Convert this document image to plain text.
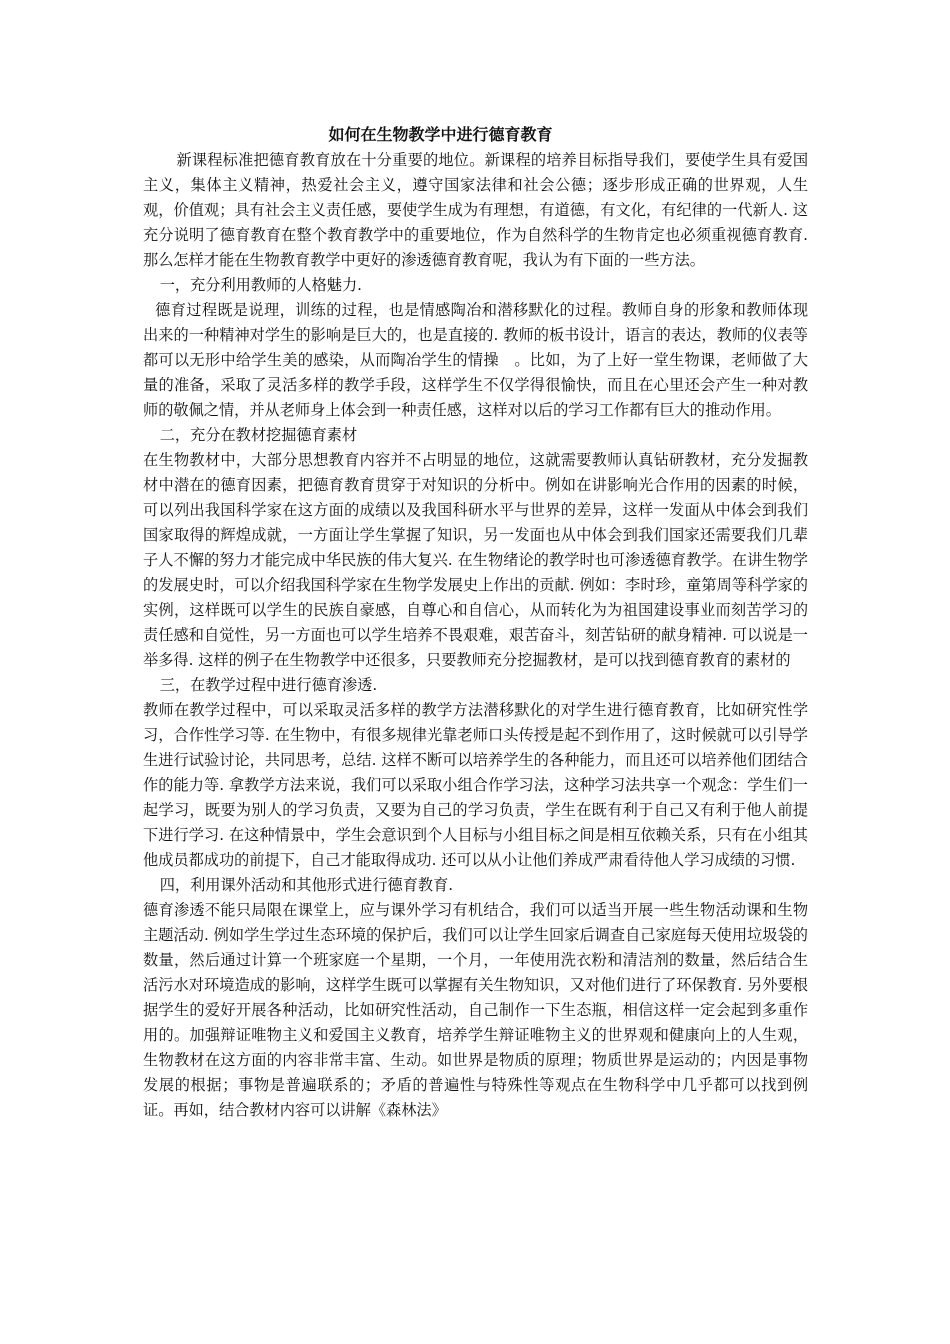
如何在生物教学中进行德育教育

新课程标准把德育教育放在十分重要的地位。新课程的培养目标指导我们，要使学生具有爱国主义，集体主义精神，热爱社会主义，遵守国家法律和社会公德；逐步形成正确的世界观，人生观，价值观；具有社会主义责任感，要使学生成为有理想，有道德，有文化，有纪律的一代新人. 这充分说明了德育教育在整个教育教学中的重要地位，作为自然科学的生物肯定也必须重视德育教育. 那么怎样才能在生物教育教学中更好的渗透德育教育呢，我认为有下面的一些方法。

一，充分利用教师的人格魅力.

德育过程既是说理，训练的过程，也是情感陶冶和潜移默化的过程。教师自身的形象和教师体现出来的一种精神对学生的影响是巨大的，也是直接的. 教师的板书设计，语言的表达，教师的仪表等都可以无形中给学生美的感染，从而陶冶学生的情操　。比如，为了上好一堂生物课，老师做了大量的准备，采取了灵活多样的教学手段，这样学生不仅学得很愉快，而且在心里还会产生一种对教师的敬佩之情，并从老师身上体会到一种责任感，这样对以后的学习工作都有巨大的推动作用。

二，充分在教材挖掘德育素材

在生物教材中，大部分思想教育内容并不占明显的地位，这就需要教师认真钻研教材，充分发掘教材中潜在的德育因素，把德育教育贯穿于对知识的分析中。例如在讲影响光合作用的因素的时候，可以列出我国科学家在这方面的成绩以及我国科研水平与世界的差异，这样一发面从中体会到我们国家取得的辉煌成就，一方面让学生掌握了知识，另一发面也从中体会到我们国家还需要我们几辈子人不懈的努力才能完成中华民族的伟大复兴. 在生物绪论的教学时也可渗透德育教学。在讲生物学的发展史时，可以介绍我国科学家在生物学发展史上作出的贡献. 例如：李时珍，童第周等科学家的实例，这样既可以学生的民族自豪感，自尊心和自信心，从而转化为为祖国建设事业而刻苦学习的责任感和自觉性，另一方面也可以学生培养不畏艰难，艰苦奋斗，刻苦钻研的献身精神. 可以说是一举多得. 这样的例子在生物教学中还很多，只要教师充分挖掘教材，是可以找到德育教育的素材的

三，在教学过程中进行德育渗透.

教师在教学过程中，可以采取灵活多样的教学方法潜移默化的对学生进行德育教育，比如研究性学习，合作性学习等. 在生物中，有很多规律光靠老师口头传授是起不到作用了，这时候就可以引导学生进行试验讨论，共同思考，总结. 这样不断可以培养学生的各种能力，而且还可以培养他们团结合作的能力等. 拿教学方法来说，我们可以采取小组合作学习法，这种学习法共享一个观念：学生们一起学习，既要为别人的学习负责，又要为自己的学习负责，学生在既有利于自己又有利于他人前提下进行学习. 在这种情景中，学生会意识到个人目标与小组目标之间是相互依赖关系，只有在小组其他成员都成功的前提下，自己才能取得成功. 还可以从小让他们养成严肃看待他人学习成绩的习惯.

四，利用课外活动和其他形式进行德育教育.

德育渗透不能只局限在课堂上，应与课外学习有机结合，我们可以适当开展一些生物活动课和生物主题活动. 例如学生学过生态环境的保护后，我们可以让学生回家后调查自己家庭每天使用垃圾袋的数量，然后通过计算一个班家庭一个星期，一个月，一年使用洗衣粉和清洁剂的数量，然后结合生活污水对环境造成的影响，这样学生既可以掌握有关生物知识，又对他们进行了环保教育. 另外要根据学生的爱好开展各种活动，比如研究性活动，自己制作一下生态瓶，相信这样一定会起到多重作用的。加强辩证唯物主义和爱国主义教育，培养学生辩证唯物主义的世界观和健康向上的人生观，生物教材在这方面的内容非常丰富、生动。如世界是物质的原理；物质世界是运动的；内因是事物发展的根据；事物是普遍联系的；矛盾的普遍性与特殊性等观点在生物科学中几乎都可以找到例证。再如，结合教材内容可以讲解《森林法》
